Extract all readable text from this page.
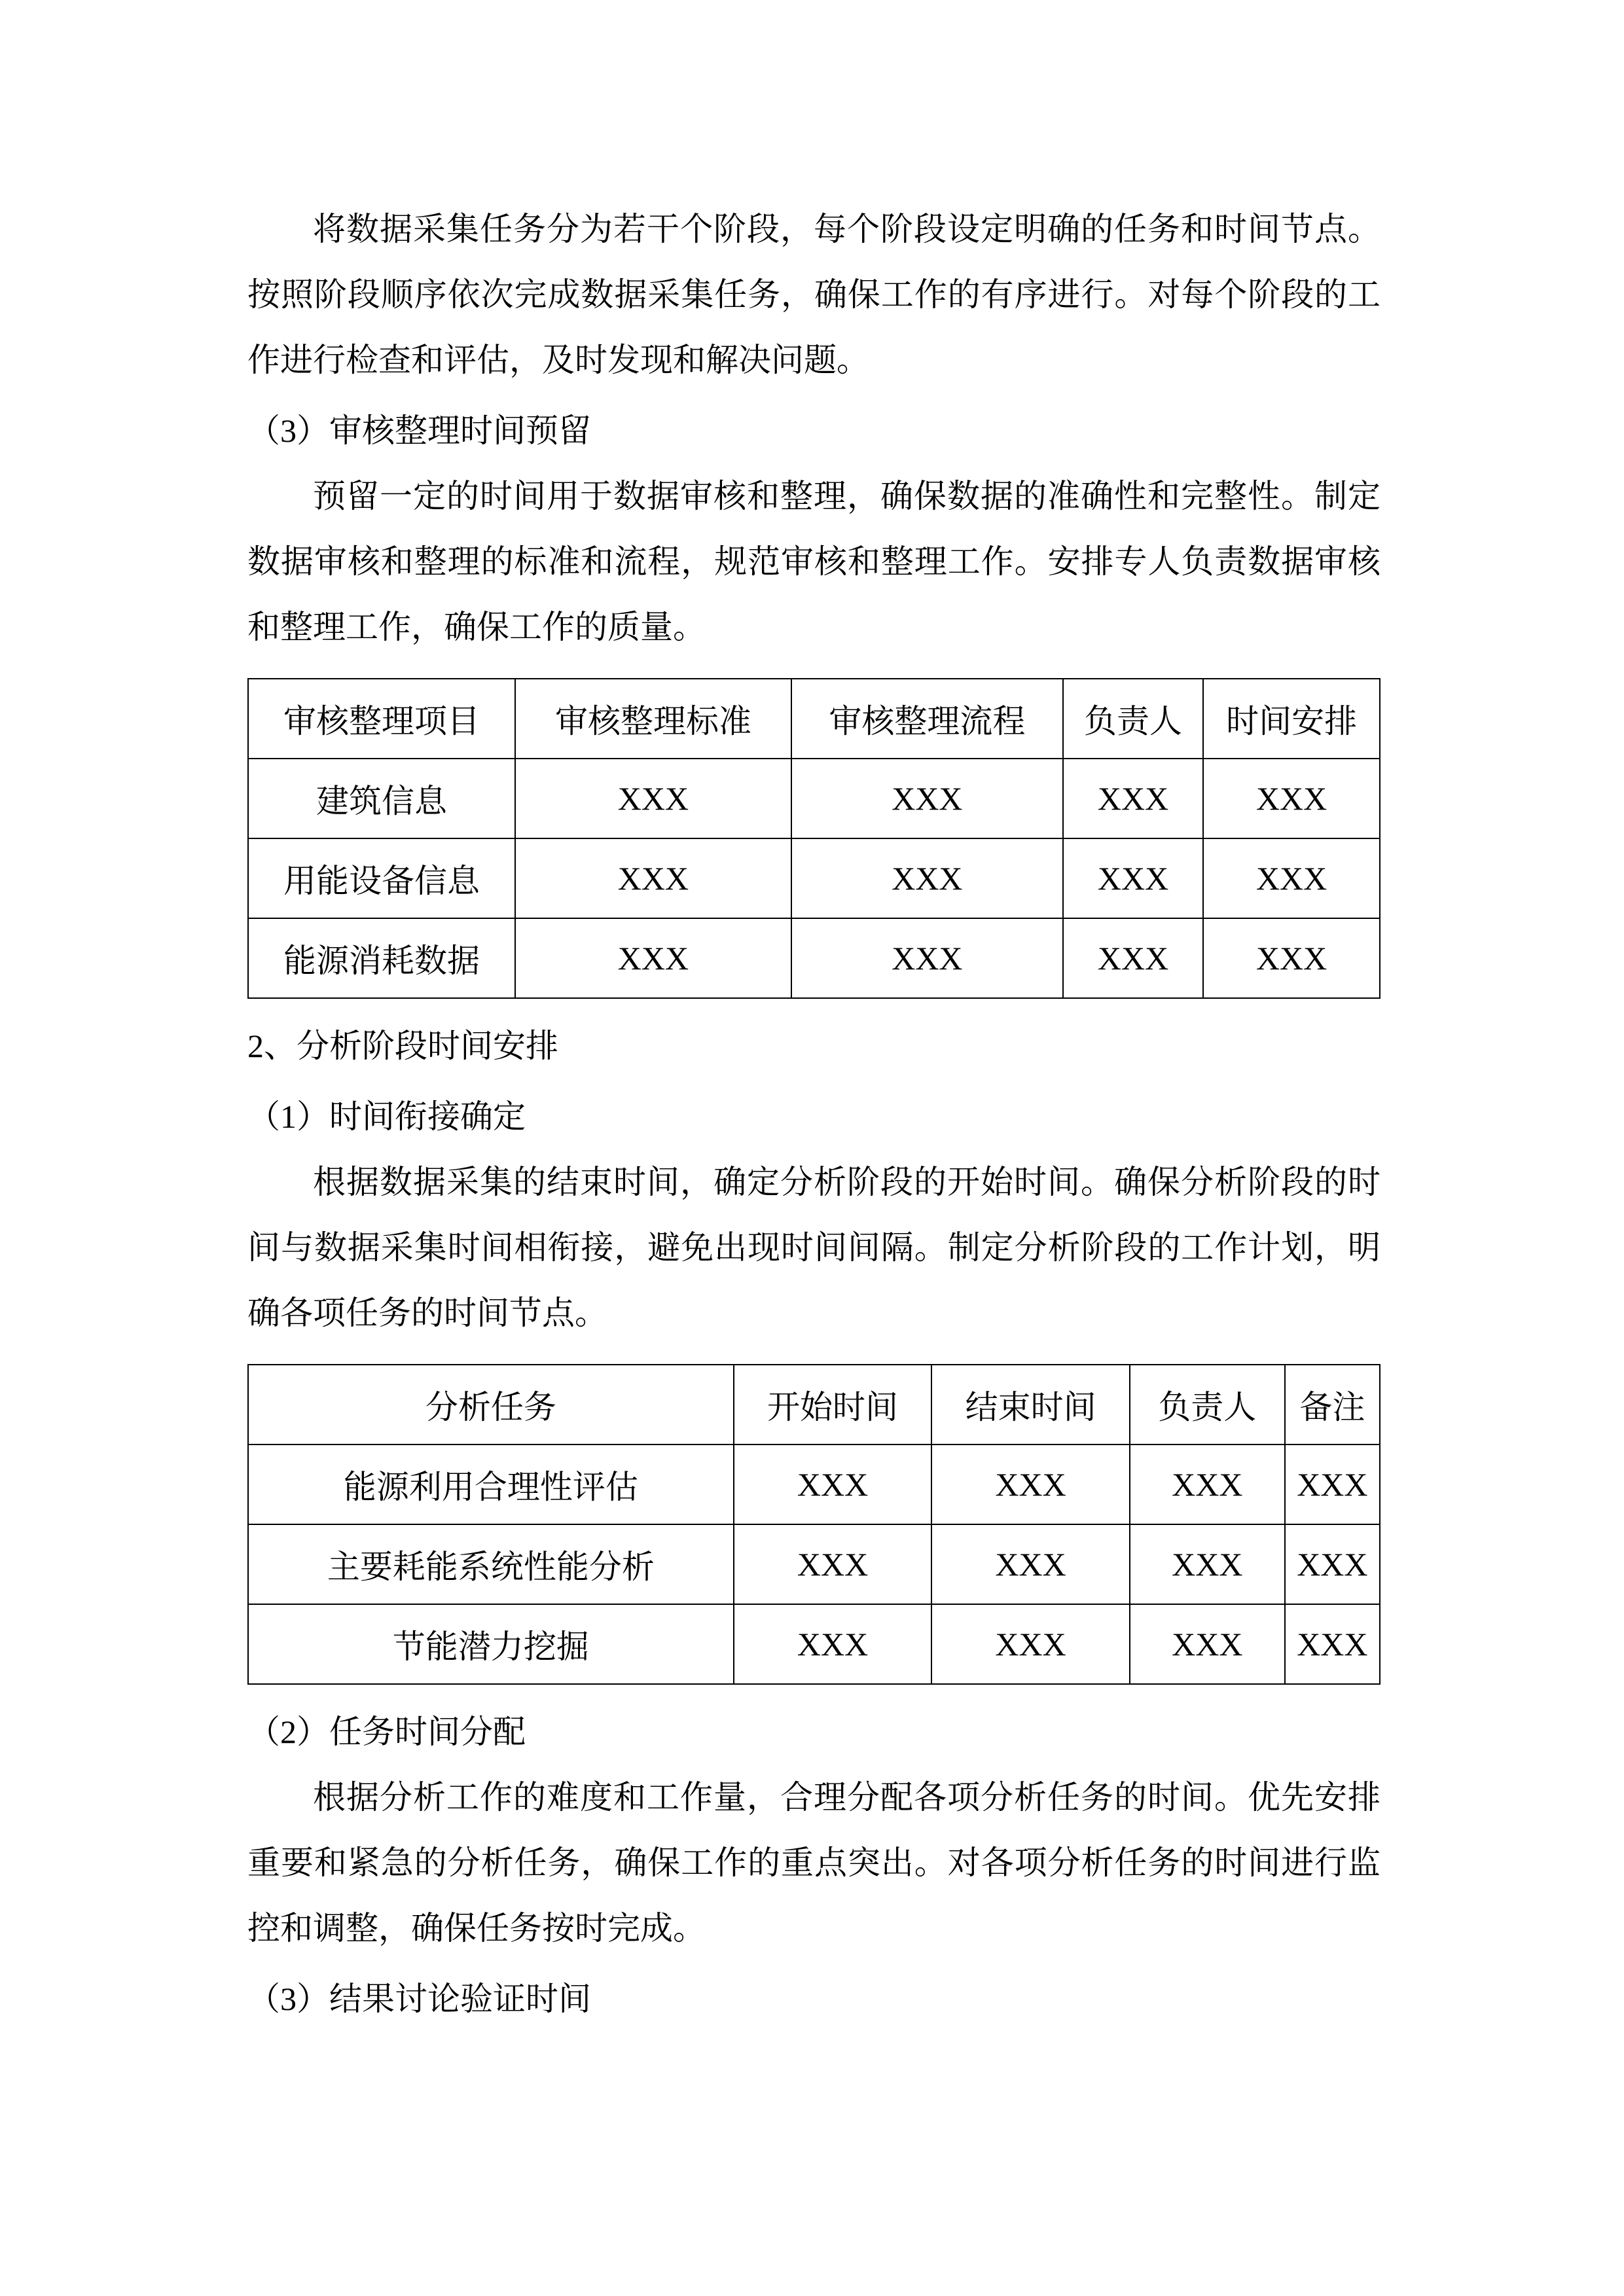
将数据采集任务分为若干个阶段，每个阶段设定明确的任务和时间节点。按照阶段顺序依次完成数据采集任务，确保工作的有序进行。对每个阶段的工作进行检查和评估，及时发现和解决问题。

（3）审核整理时间预留

预留一定的时间用于数据审核和整理，确保数据的准确性和完整性。制定数据审核和整理的标准和流程，规范审核和整理工作。安排专人负责数据审核和整理工作，确保工作的质量。

审核整理项目	审核整理标准	审核整理流程	负责人	时间安排
建筑信息	XXX	XXX	XXX	XXX
用能设备信息	XXX	XXX	XXX	XXX
能源消耗数据	XXX	XXX	XXX	XXX

2、分析阶段时间安排

（1）时间衔接确定

根据数据采集的结束时间，确定分析阶段的开始时间。确保分析阶段的时间与数据采集时间相衔接，避免出现时间间隔。制定分析阶段的工作计划，明确各项任务的时间节点。

分析任务	开始时间	结束时间	负责人	备注
能源利用合理性评估	XXX	XXX	XXX	XXX
主要耗能系统性能分析	XXX	XXX	XXX	XXX
节能潜力挖掘	XXX	XXX	XXX	XXX

（2）任务时间分配

根据分析工作的难度和工作量，合理分配各项分析任务的时间。优先安排重要和紧急的分析任务，确保工作的重点突出。对各项分析任务的时间进行监控和调整，确保任务按时完成。

（3）结果讨论验证时间
